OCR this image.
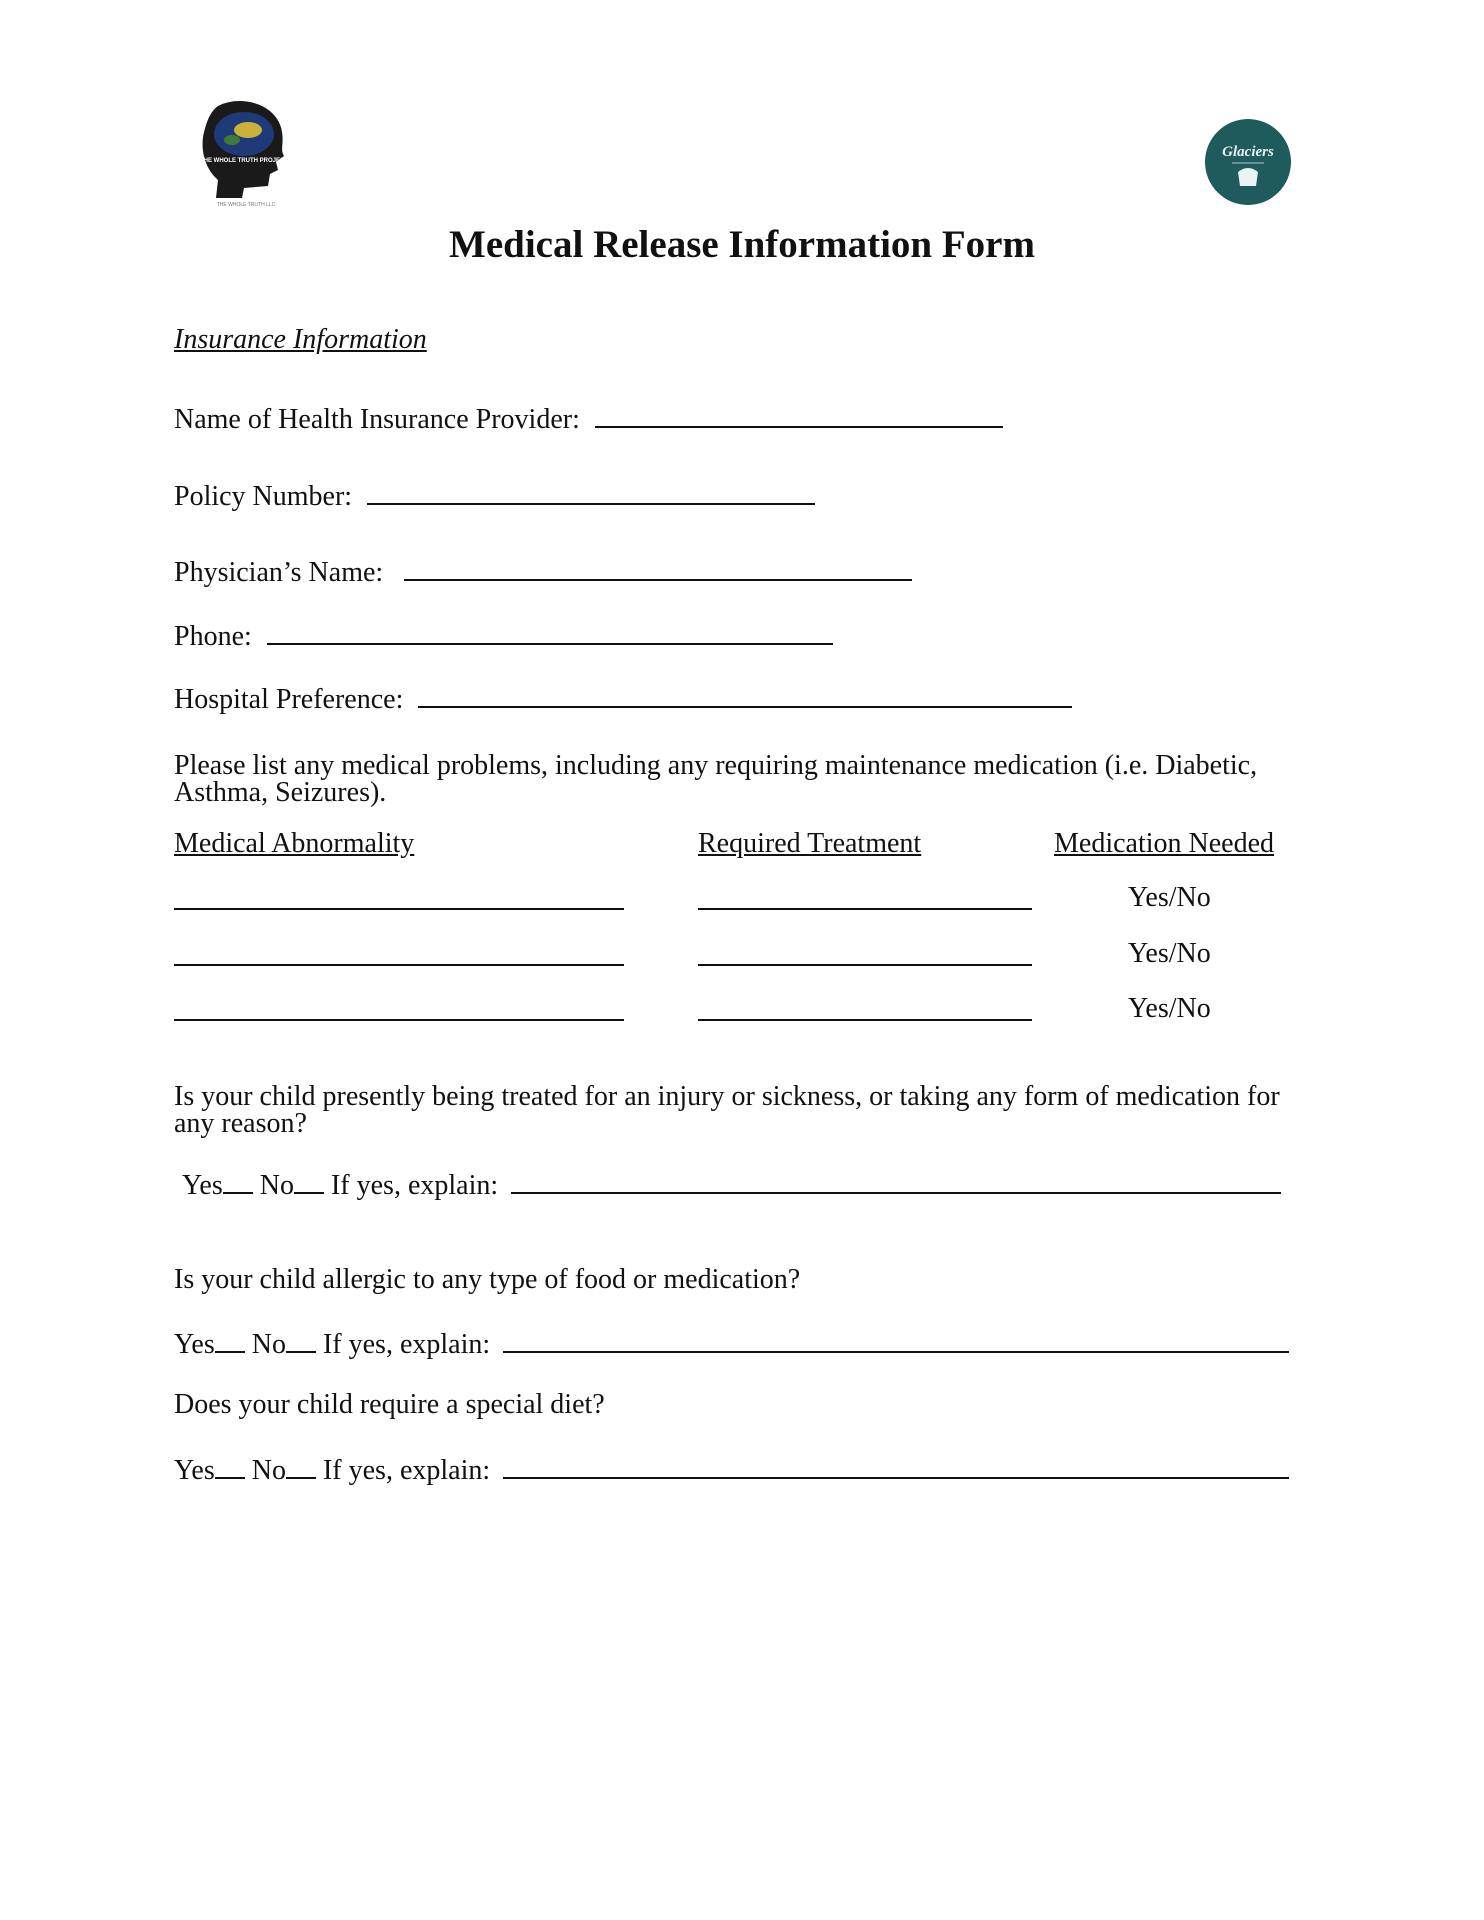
THE WHOLE TRUTH PROJECT
THE WHOLE TRUTH LLC
Glaciers
Medical Release Information Form
Insurance Information
Name of Health Insurance Provider:
Policy Number:
Physician’s Name:
Phone:
Hospital Preference:
Please list any medical problems, including any requiring maintenance medication (i.e. Diabetic, Asthma, Seizures).
Medical Abnormality	Required Treatment	Medication Needed
Yes/No
Yes/No
Yes/No
Is your child presently being treated for an injury or sickness, or taking any form of medication for any reason?
Yes No If yes, explain:
Is your child allergic to any type of food or medication?
Yes No If yes, explain:
Does your child require a special diet?
Yes No If yes, explain:
